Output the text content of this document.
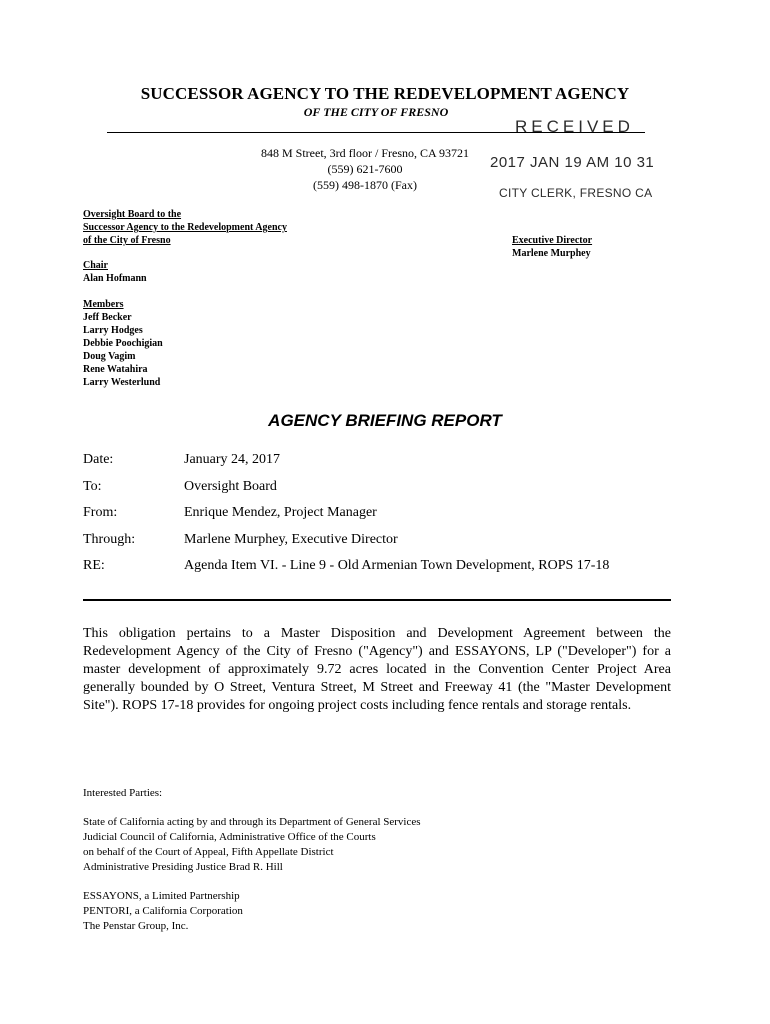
SUCCESSOR AGENCY TO THE REDEVELOPMENT AGENCY
OF THE CITY OF FRESNO
RECEIVED
2017 JAN 19 AM 10 31
CITY CLERK, FRESNO CA
848 M Street, 3rd floor / Fresno, CA 93721
(559) 621-7600
(559) 498-1870 (Fax)
Oversight Board to the
Successor Agency to the Redevelopment Agency
of the City of Fresno
Chair
Alan Hofmann
Members
Jeff Becker
Larry Hodges
Debbie Poochigian
Doug Vagim
Rene Watahira
Larry Westerlund
Executive Director
Marlene Murphey
AGENCY BRIEFING REPORT
Date:	January 24, 2017
To:	Oversight Board
From:	Enrique Mendez, Project Manager
Through:	Marlene Murphey, Executive Director
RE:	Agenda Item VI. - Line 9 - Old Armenian Town Development, ROPS 17-18
This obligation pertains to a Master Disposition and Development Agreement between the Redevelopment Agency of the City of Fresno ("Agency") and ESSAYONS, LP ("Developer") for a master development of approximately 9.72 acres located in the Convention Center Project Area generally bounded by O Street, Ventura Street, M Street and Freeway 41 (the "Master Development Site"). ROPS 17-18 provides for ongoing project costs including fence rentals and storage rentals.
Interested Parties:
State of California acting by and through its Department of General Services
Judicial Council of California, Administrative Office of the Courts
on behalf of the Court of Appeal, Fifth Appellate District
Administrative Presiding Justice Brad R. Hill
ESSAYONS, a Limited Partnership
PENTORI, a California Corporation
The Penstar Group, Inc.
